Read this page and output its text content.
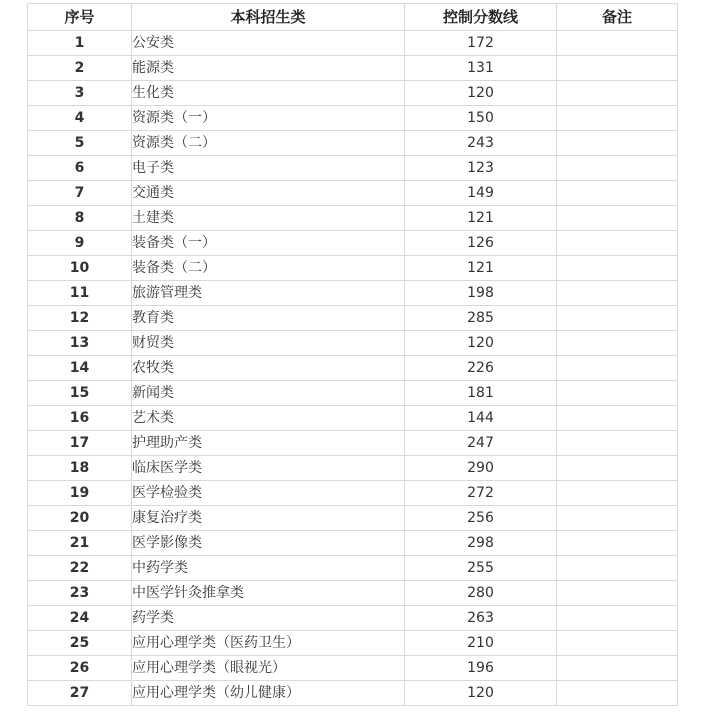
序号	本科招生类	控制分数线	备注
1	公安类	172	
2	能源类	131	
3	生化类	120	
4	资源类（一）	150	
5	资源类（二）	243	
6	电子类	123	
7	交通类	149	
8	土建类	121	
9	装备类（一）	126	
10	装备类（二）	121	
11	旅游管理类	198	
12	教育类	285	
13	财贸类	120	
14	农牧类	226	
15	新闻类	181	
16	艺术类	144	
17	护理助产类	247	
18	临床医学类	290	
19	医学检验类	272	
20	康复治疗类	256	
21	医学影像类	298	
22	中药学类	255	
23	中医学针灸推拿类	280	
24	药学类	263	
25	应用心理学类（医药卫生）	210	
26	应用心理学类（眼视光）	196	
27	应用心理学类（幼儿健康）	120	
